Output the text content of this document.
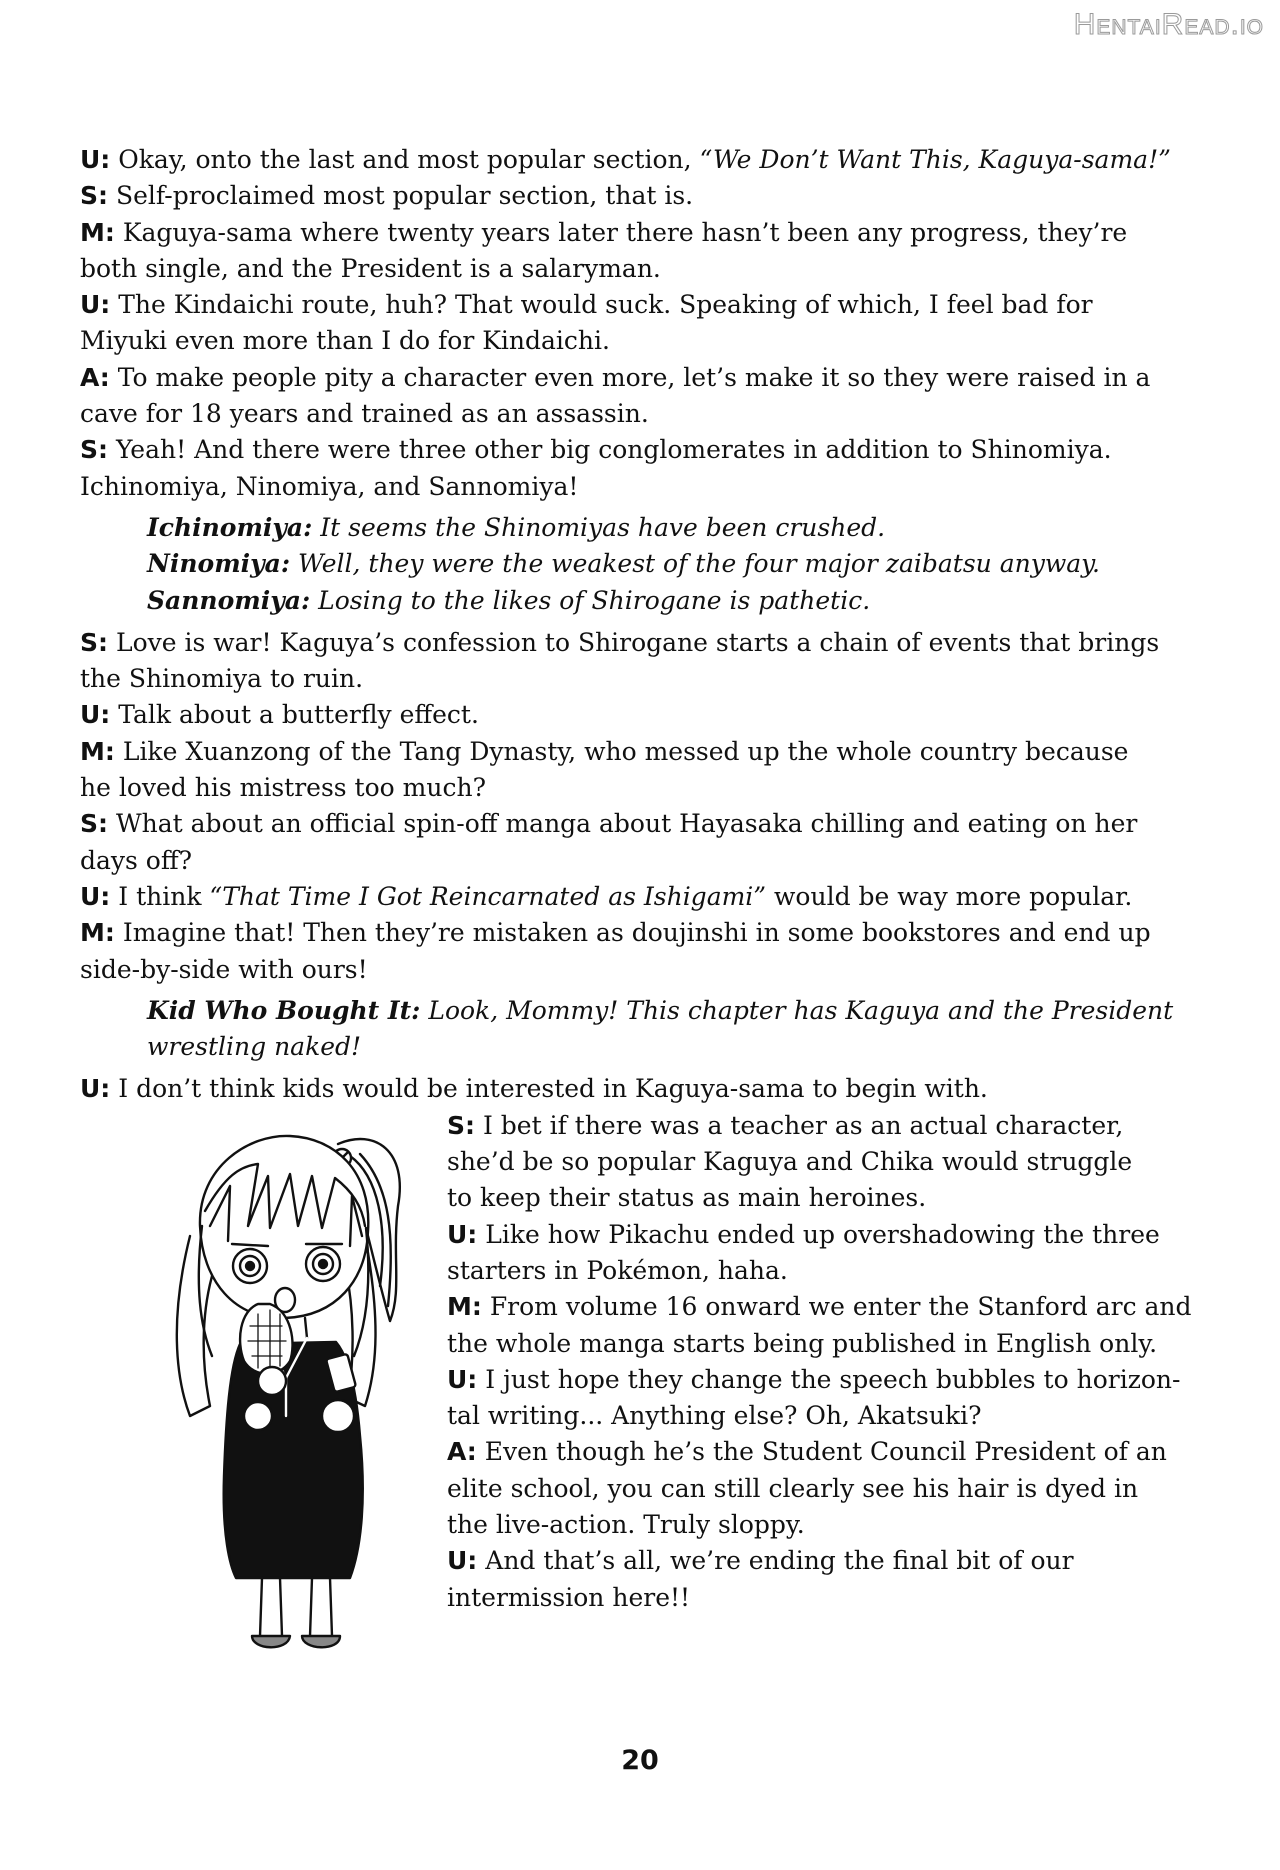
HentaiRead.io
U: Okay, onto the last and most popular section, “We Don’t Want This, Kaguya-sama!”
S: Self-proclaimed most popular section, that is.
M: Kaguya-sama where twenty years later there hasn’t been any progress, they’re
both single, and the President is a salaryman.
U: The Kindaichi route, huh? That would suck. Speaking of which, I feel bad for
Miyuki even more than I do for Kindaichi.
A: To make people pity a character even more, let’s make it so they were raised in a
cave for 18 years and trained as an assassin.
S: Yeah! And there were three other big conglomerates in addition to Shinomiya.
Ichinomiya, Ninomiya, and Sannomiya!
Ichinomiya: It seems the Shinomiyas have been crushed.
Ninomiya: Well, they were the weakest of the four major zaibatsu anyway.
Sannomiya: Losing to the likes of Shirogane is pathetic.
S: Love is war! Kaguya’s confession to Shirogane starts a chain of events that brings
the Shinomiya to ruin.
U: Talk about a butterfly effect.
M: Like Xuanzong of the Tang Dynasty, who messed up the whole country because
he loved his mistress too much?
S: What about an official spin-off manga about Hayasaka chilling and eating on her
days off?
U: I think “That Time I Got Reincarnated as Ishigami” would be way more popular.
M: Imagine that! Then they’re mistaken as doujinshi in some bookstores and end up
side-by-side with ours!
Kid Who Bought It: Look, Mommy! This chapter has Kaguya and the President
wrestling naked!
U: I don’t think kids would be interested in Kaguya-sama to begin with.
S: I bet if there was a teacher as an actual character,
she’d be so popular Kaguya and Chika would struggle
to keep their status as main heroines.
U: Like how Pikachu ended up overshadowing the three
starters in Pokémon, haha.
M: From volume 16 onward we enter the Stanford arc and
the whole manga starts being published in English only.
U: I just hope they change the speech bubbles to horizon-
tal writing... Anything else? Oh, Akatsuki?
A: Even though he’s the Student Council President of an
elite school, you can still clearly see his hair is dyed in
the live-action. Truly sloppy.
U: And that’s all, we’re ending the final bit of our
intermission here!!
20
